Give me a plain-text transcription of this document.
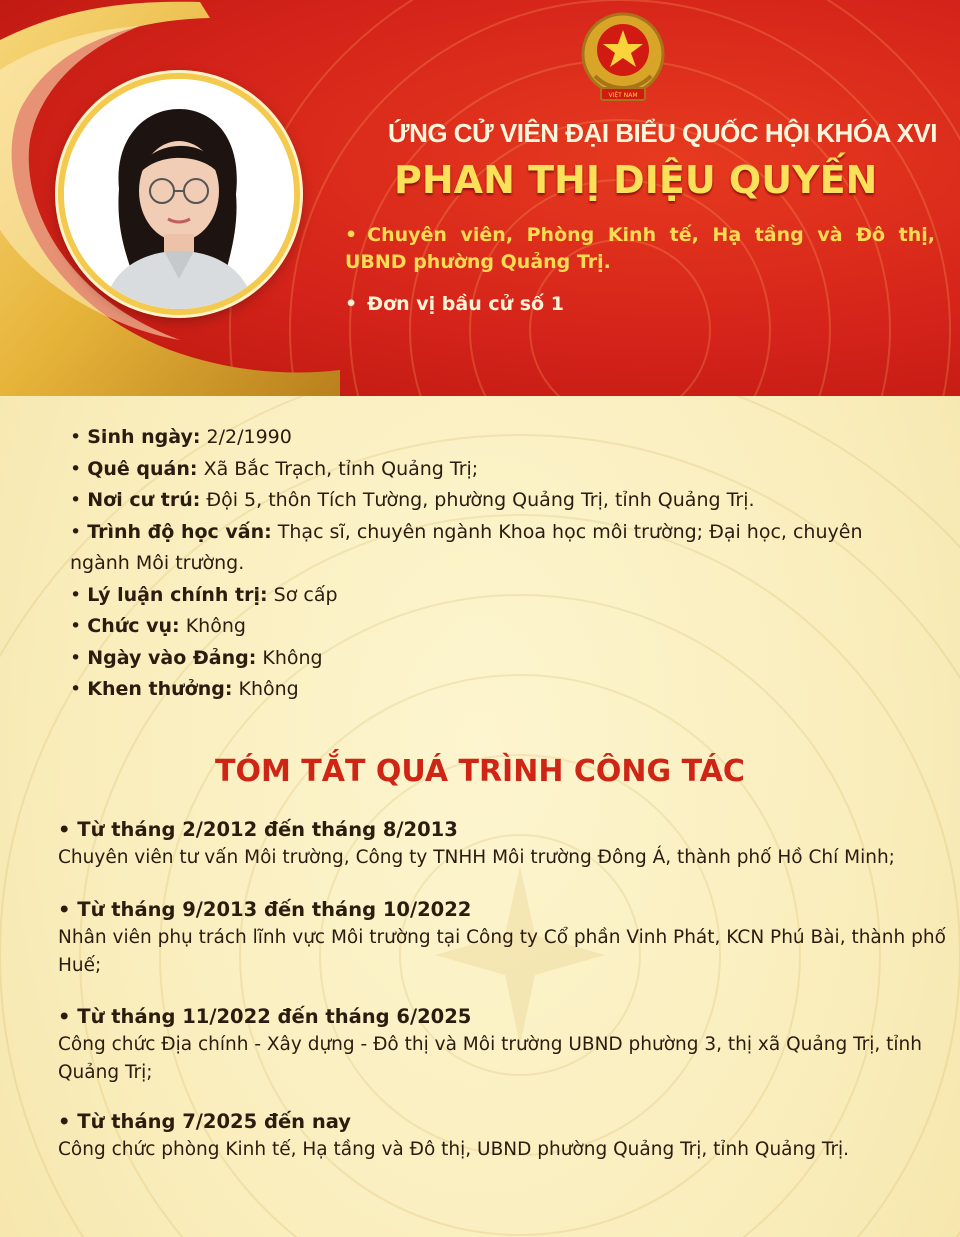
VIỆT NAM
ỨNG CỬ VIÊN ĐẠI BIỂU QUỐC HỘI KHÓA XVI
PHAN THỊ DIỆU QUYẾN
• Chuyên viên, Phòng Kinh tế, Hạ tầng và Đô thị, UBND phường Quảng Trị.
• Đơn vị bầu cử số 1
• Sinh ngày: 2/2/1990
• Quê quán: Xã Bắc Trạch, tỉnh Quảng Trị;
• Nơi cư trú: Đội 5, thôn Tích Tường, phường Quảng Trị, tỉnh Quảng Trị.
• Trình độ học vấn: Thạc sĩ, chuyên ngành Khoa học môi trường; Đại học, chuyên ngành Môi trường.
• Lý luận chính trị: Sơ cấp
• Chức vụ: Không
• Ngày vào Đảng: Không
• Khen thưởng: Không
TÓM TẮT QUÁ TRÌNH CÔNG TÁC
• Từ tháng 2/2012 đến tháng 8/2013
Chuyên viên tư vấn Môi trường, Công ty TNHH Môi trường Đông Á, thành phố Hồ Chí Minh;
• Từ tháng 9/2013 đến tháng 10/2022
Nhân viên phụ trách lĩnh vực Môi trường tại Công ty Cổ phần Vinh Phát, KCN Phú Bài, thành phố Huế;
• Từ tháng 11/2022 đến tháng 6/2025
Công chức Địa chính - Xây dựng - Đô thị và Môi trường UBND phường 3, thị xã Quảng Trị, tỉnh Quảng Trị;
• Từ tháng 7/2025 đến nay
Công chức phòng Kinh tế, Hạ tầng và Đô thị, UBND phường Quảng Trị, tỉnh Quảng Trị.
